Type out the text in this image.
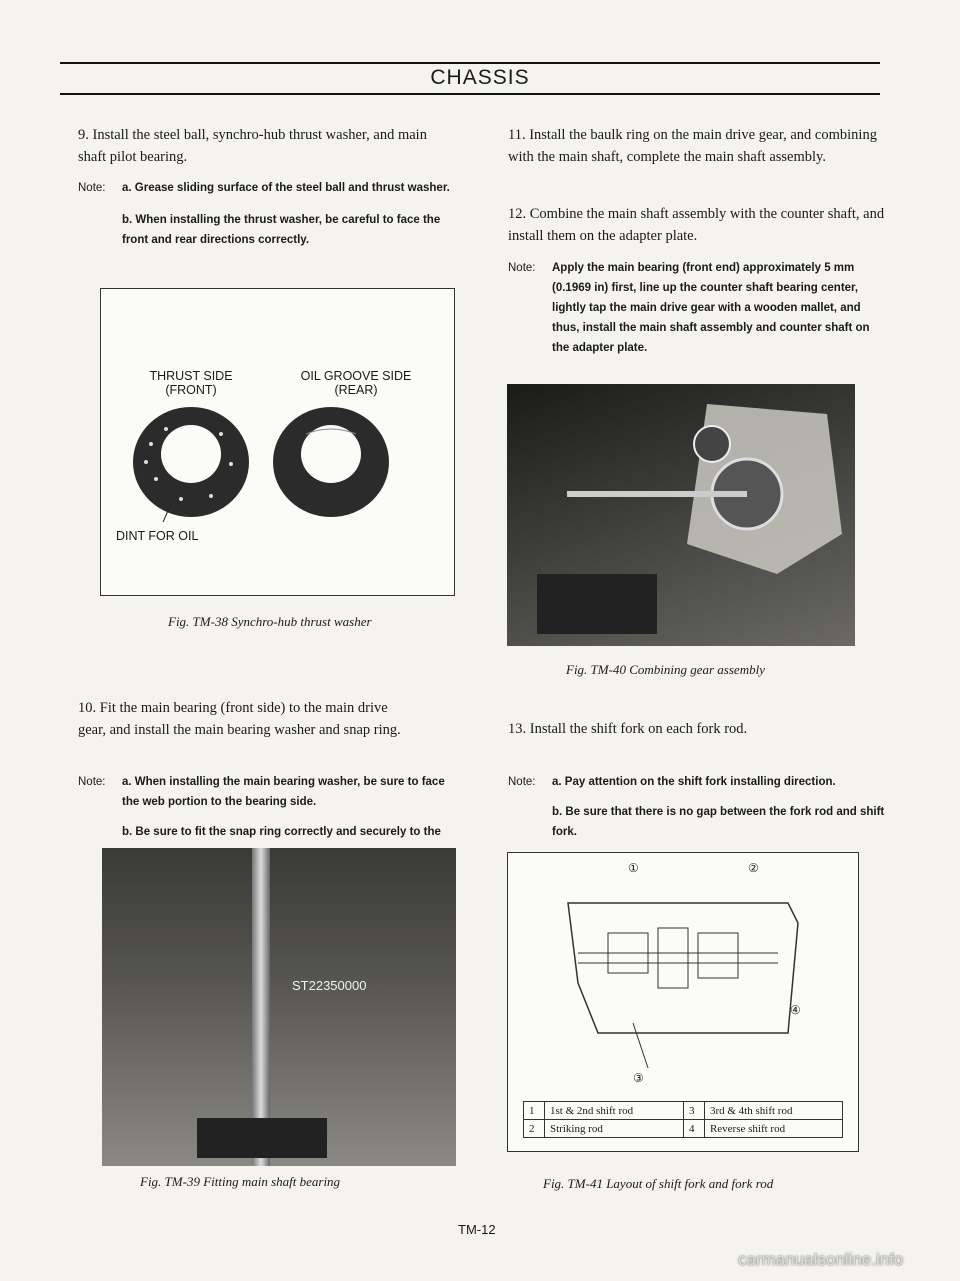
CHASSIS
9. Install the steel ball, synchro-hub thrust washer, and main shaft pilot bearing.
Note: a. Grease sliding surface of the steel ball and thrust washer.
b. When installing the thrust washer, be careful to face the front and rear directions correctly.
THRUST SIDE
(FRONT)
OIL GROOVE SIDE
(REAR)
DINT FOR OIL
Fig. TM-38 Synchro-hub thrust washer
10. Fit the main bearing (front side) to the main drive
gear, and install the main bearing washer and snap ring.
Note: a. When installing the main bearing washer, be sure to face the web portion to the bearing side.
b. Be sure to fit the snap ring correctly and securely to the
ST22350000
Fig. TM-39 Fitting main shaft bearing
11. Install the baulk ring on the main drive gear, and combining with the main shaft, complete the main shaft assembly.
12. Combine the main shaft assembly with the counter shaft, and install them on the adapter plate.
Note: Apply the main bearing (front end) approximately 5 mm (0.1969 in) first, line up the counter shaft bearing center, lightly tap the main drive gear with a wooden mallet, and thus, install the main shaft assembly and counter shaft on the adapter plate.
Fig. TM-40 Combining gear assembly
13. Install the shift fork on each fork rod.
Note: a. Pay attention on the shift fork installing direction.
b. Be sure that there is no gap between the fork rod and shift fork.
①	②
③
④
1	1st & 2nd shift rod	3	3rd & 4th shift rod
2	Striking rod	4	Reverse shift rod
Fig. TM-41 Layout of shift fork and fork rod
TM-12
carmanualsonline.info
